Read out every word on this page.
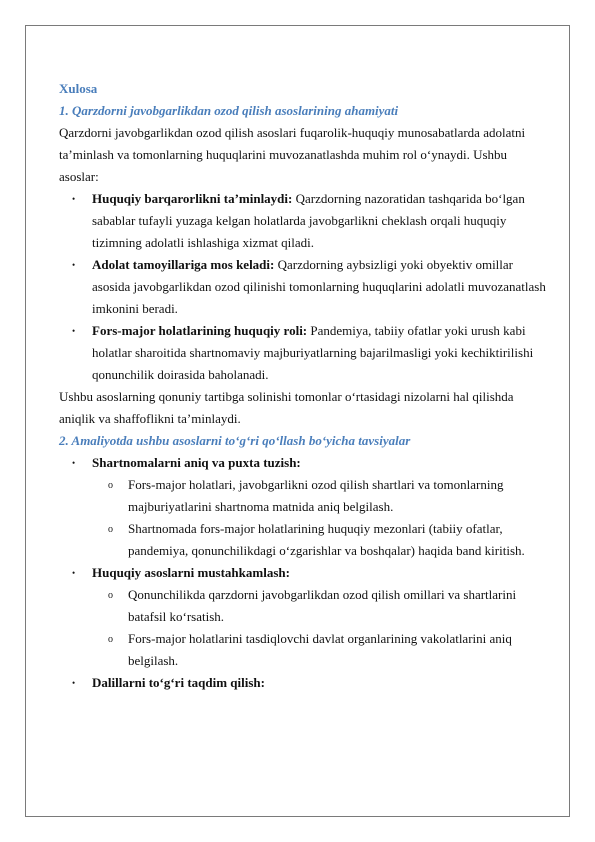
Xulosa
1. Qarzdorni javobgarlikdan ozod qilish asoslarining ahamiyati

Qarzdorni javobgarlikdan ozod qilish asoslari fuqarolik-huquqiy munosabatlarda adolatni ta’minlash va tomonlarning huquqlarini muvozanatlashda muhim rol o‘ynaydi. Ushbu asoslar:

• Huquqiy barqarorlikni ta’minlaydi: Qarzdorning nazoratidan tashqarida bo‘lgan sabablar tufayli yuzaga kelgan holatlarda javobgarlikni cheklash orqali huquqiy tizimning adolatli ishlashiga xizmat qiladi.
• Adolat tamoyillariga mos keladi: Qarzdorning aybsizligi yoki obyektiv omillar asosida javobgarlikdan ozod qilinishi tomonlarning huquqlarini adolatli muvozanatlash imkonini beradi.
• Fors-major holatlarining huquqiy roli: Pandemiya, tabiiy ofatlar yoki urush kabi holatlar sharoitida shartnomaviy majburiyatlarning bajarilmasligi yoki kechiktirilishi qonunchilik doirasida baholanadi.

Ushbu asoslarning qonuniy tartibga solinishi tomonlar o‘rtasidagi nizolarni hal qilishda aniqlik va shaffoflikni ta’minlaydi.

2. Amaliyotda ushbu asoslarni to‘g‘ri qo‘llash bo‘yicha tavsiyalar
• Shartnomalarni aniq va puxta tuzish:
o Fors-major holatlari, javobgarlikni ozod qilish shartlari va tomonlarning majburiyatlarini shartnoma matnida aniq belgilash.
o Shartnomada fors-major holatlarining huquqiy mezonlari (tabiiy ofatlar, pandemiya, qonunchilikdagi o‘zgarishlar va boshqalar) haqida band kiritish.
• Huquqiy asoslarni mustahkamlash:
o Qonunchilikda qarzdorni javobgarlikdan ozod qilish omillari va shartlarini batafsil ko‘rsatish.
o Fors-major holatlarini tasdiqlovchi davlat organlarining vakolatlarini aniq belgilash.
• Dalillarni to‘g‘ri taqdim qilish:
